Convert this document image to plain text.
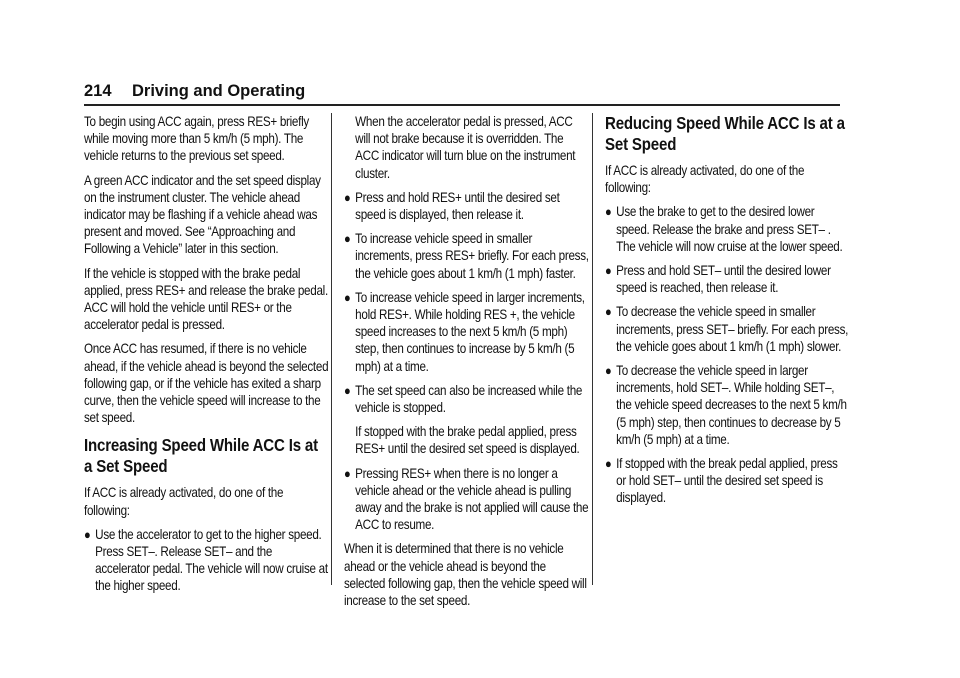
214 Driving and Operating

To begin using ACC again, press RES+ briefly while moving more than 5 km/h (5 mph). The vehicle returns to the previous set speed.

A green ACC indicator and the set speed display on the instrument cluster. The vehicle ahead indicator may be flashing if a vehicle ahead was present and moved. See “Approaching and Following a Vehicle” later in this section.

If the vehicle is stopped with the brake pedal applied, press RES+ and release the brake pedal. ACC will hold the vehicle until RES+ or the accelerator pedal is pressed.

Once ACC has resumed, if there is no vehicle ahead, if the vehicle ahead is beyond the selected following gap, or if the vehicle has exited a sharp curve, then the vehicle speed will increase to the set speed.

Increasing Speed While ACC Is at a Set Speed

If ACC is already activated, do one of the following:

● Use the accelerator to get to the higher speed. Press SET–. Release SET– and the accelerator pedal. The vehicle will now cruise at the higher speed.

When the accelerator pedal is pressed, ACC will not brake because it is overridden. The ACC indicator will turn blue on the instrument cluster.

● Press and hold RES+ until the desired set speed is displayed, then release it.
● To increase vehicle speed in smaller increments, press RES+ briefly. For each press, the vehicle goes about 1 km/h (1 mph) faster.
● To increase vehicle speed in larger increments, hold RES+. While holding RES +, the vehicle speed increases to the next 5 km/h (5 mph) step, then continues to increase by 5 km/h (5 mph) at a time.
● The set speed can also be increased while the vehicle is stopped.

If stopped with the brake pedal applied, press RES+ until the desired set speed is displayed.

● Pressing RES+ when there is no longer a vehicle ahead or the vehicle ahead is pulling away and the brake is not applied will cause the ACC to resume.

When it is determined that there is no vehicle ahead or the vehicle ahead is beyond the selected following gap, then the vehicle speed will increase to the set speed.

Reducing Speed While ACC Is at a Set Speed

If ACC is already activated, do one of the following:

● Use the brake to get to the desired lower speed. Release the brake and press SET– . The vehicle will now cruise at the lower speed.
● Press and hold SET– until the desired lower speed is reached, then release it.
● To decrease the vehicle speed in smaller increments, press SET– briefly. For each press, the vehicle goes about 1 km/h (1 mph) slower.
● To decrease the vehicle speed in larger increments, hold SET–. While holding SET–, the vehicle speed decreases to the next 5 km/h (5 mph) step, then continues to decrease by 5 km/h (5 mph) at a time.
● If stopped with the break pedal applied, press or hold SET– until the desired set speed is displayed.
